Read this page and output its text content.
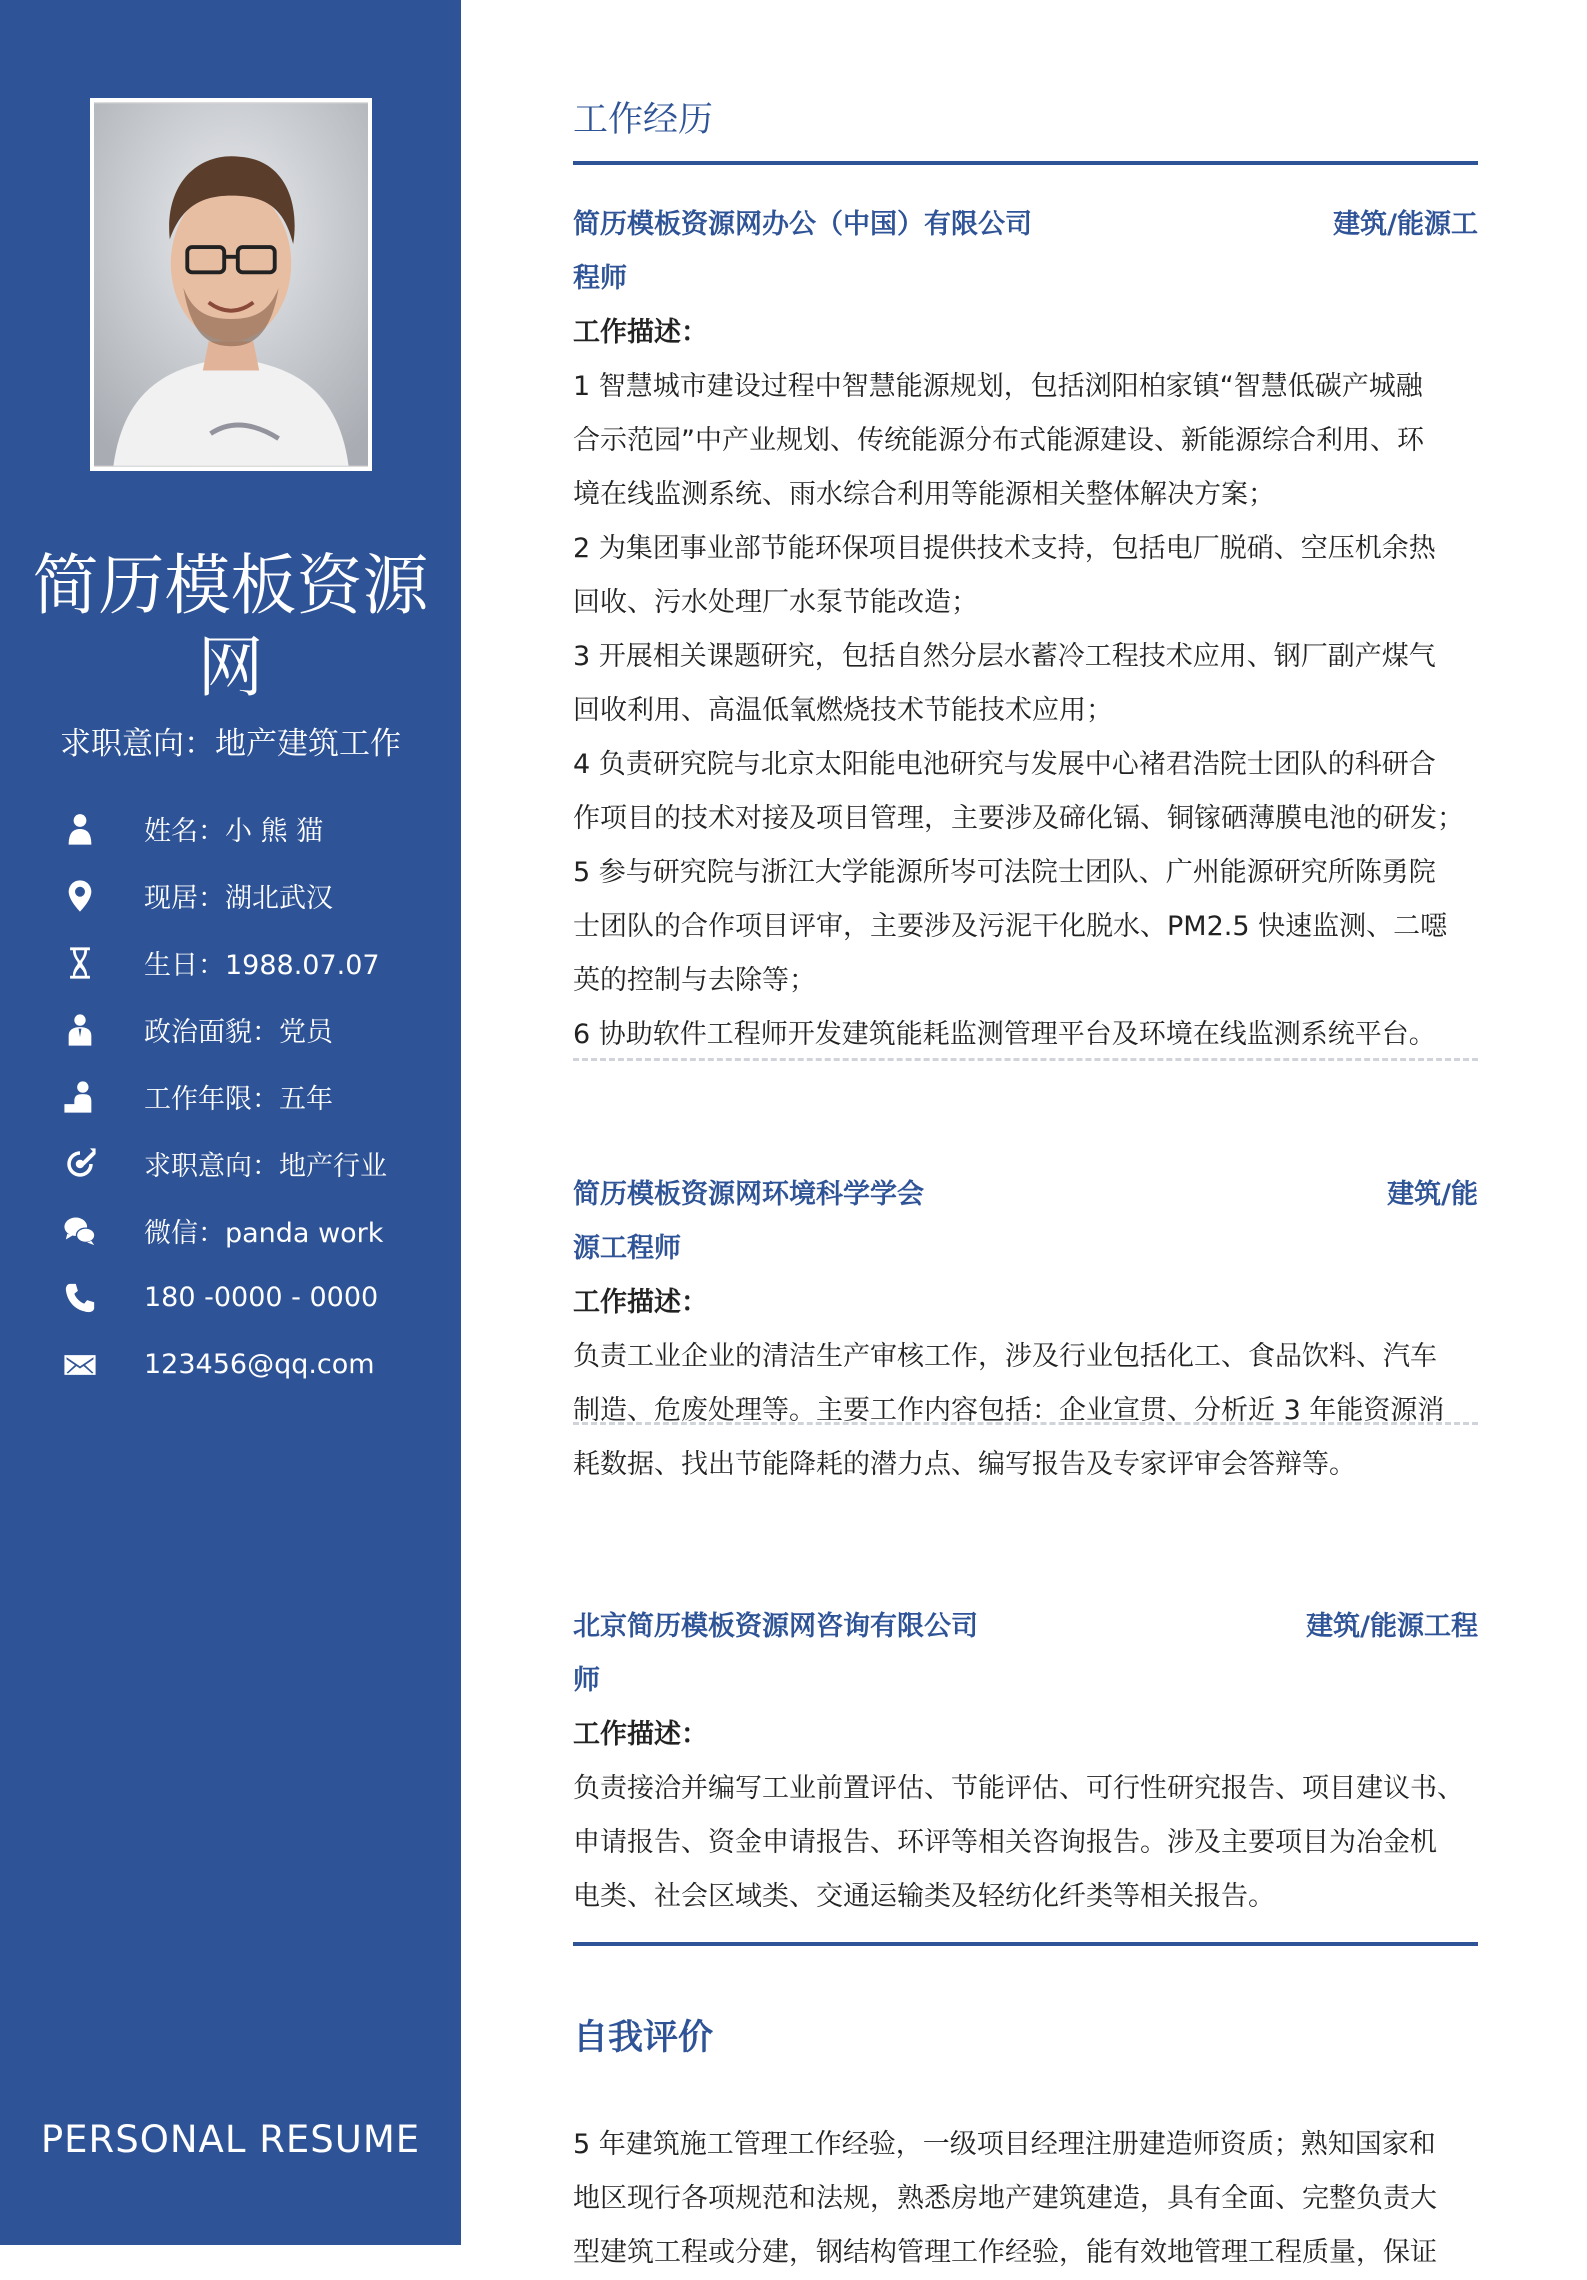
简历模板资源网
求职意向：地产建筑工作
姓名：小 熊 猫
现居：湖北武汉
生日：1988.07.07
政治面貌：党员
工作年限：五年
求职意向：地产行业
微信：panda work
180 -0000 - 0000
123456@qq.com
PERSONAL RESUME
工作经历
简历模板资源网办公（中国）有限公司	建筑/能源工
程师
工作描述：
1 智慧城市建设过程中智慧能源规划，包括浏阳柏家镇“智慧低碳产城融
合示范园”中产业规划、传统能源分布式能源建设、新能源综合利用、环
境在线监测系统、雨水综合利用等能源相关整体解决方案；
2 为集团事业部节能环保项目提供技术支持，包括电厂脱硝、空压机余热
回收、污水处理厂水泵节能改造；
3 开展相关课题研究，包括自然分层水蓄冷工程技术应用、钢厂副产煤气
回收利用、高温低氧燃烧技术节能技术应用；
4 负责研究院与北京太阳能电池研究与发展中心褚君浩院士团队的科研合
作项目的技术对接及项目管理，主要涉及碲化镉、铜镓硒薄膜电池的研发；
5 参与研究院与浙江大学能源所岑可法院士团队、广州能源研究所陈勇院
士团队的合作项目评审，主要涉及污泥干化脱水、PM2.5 快速监测、二噁
英的控制与去除等；
6 协助软件工程师开发建筑能耗监测管理平台及环境在线监测系统平台。
简历模板资源网环境科学学会	建筑/能
源工程师
工作描述：
负责工业企业的清洁生产审核工作，涉及行业包括化工、食品饮料、汽车
制造、危废处理等。主要工作内容包括：企业宣贯、分析近 3 年能资源消
耗数据、找出节能降耗的潜力点、编写报告及专家评审会答辩等。
北京简历模板资源网咨询有限公司	建筑/能源工程
师
工作描述：
负责接洽并编写工业前置评估、节能评估、可行性研究报告、项目建议书、
申请报告、资金申请报告、环评等相关咨询报告。涉及主要项目为冶金机
电类、社会区域类、交通运输类及轻纺化纤类等相关报告。
自我评价
5 年建筑施工管理工作经验，一级项目经理注册建造师资质；熟知国家和
地区现行各项规范和法规，熟悉房地产建筑建造，具有全面、完整负责大
型建筑工程或分建，钢结构管理工作经验，能有效地管理工程质量，保证
